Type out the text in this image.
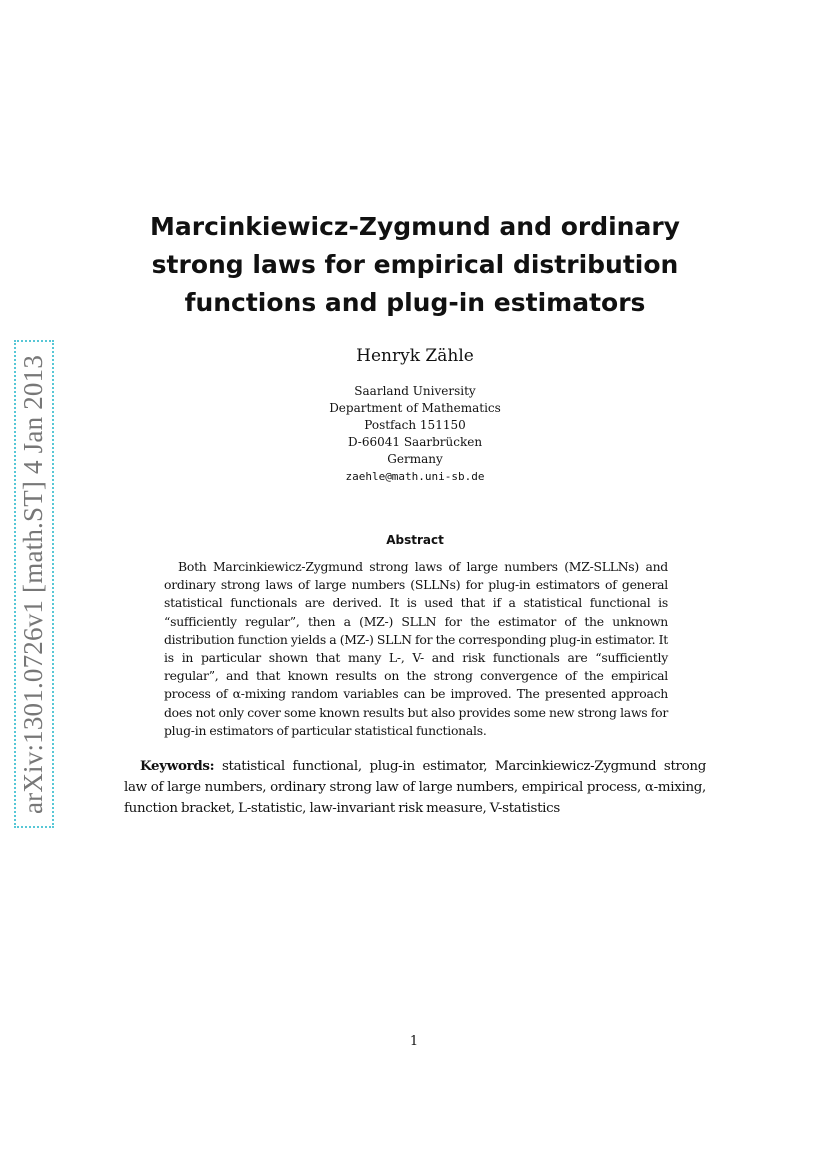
arXiv:1301.0726v1 [math.ST] 4 Jan 2013
Marcinkiewicz-Zygmund and ordinary
strong laws for empirical distribution
functions and plug-in estimators
Henryk Zähle
Saarland University
Department of Mathematics
Postfach 151150
D-66041 Saarbrücken
Germany
zaehle@math.uni-sb.de
Abstract
Both Marcinkiewicz-Zygmund strong laws of large numbers (MZ-SLLNs) and ordinary strong laws of large numbers (SLLNs) for plug-in estimators of general statistical functionals are derived. It is used that if a statistical functional is “sufficiently regular”, then a (MZ-) SLLN for the estimator of the unknown distribution function yields a (MZ-) SLLN for the corresponding plug-in estimator. It is in particular shown that many L-, V- and risk functionals are “sufficiently regular”, and that known results on the strong convergence of the empirical process of α-mixing random variables can be improved. The presented approach does not only cover some known results but also provides some new strong laws for plug-in estimators of particular statistical functionals.
Keywords: statistical functional, plug-in estimator, Marcinkiewicz-Zygmund strong law of large numbers, ordinary strong law of large numbers, empirical process, α-mixing, function bracket, L-statistic, law-invariant risk measure, V-statistics
1
